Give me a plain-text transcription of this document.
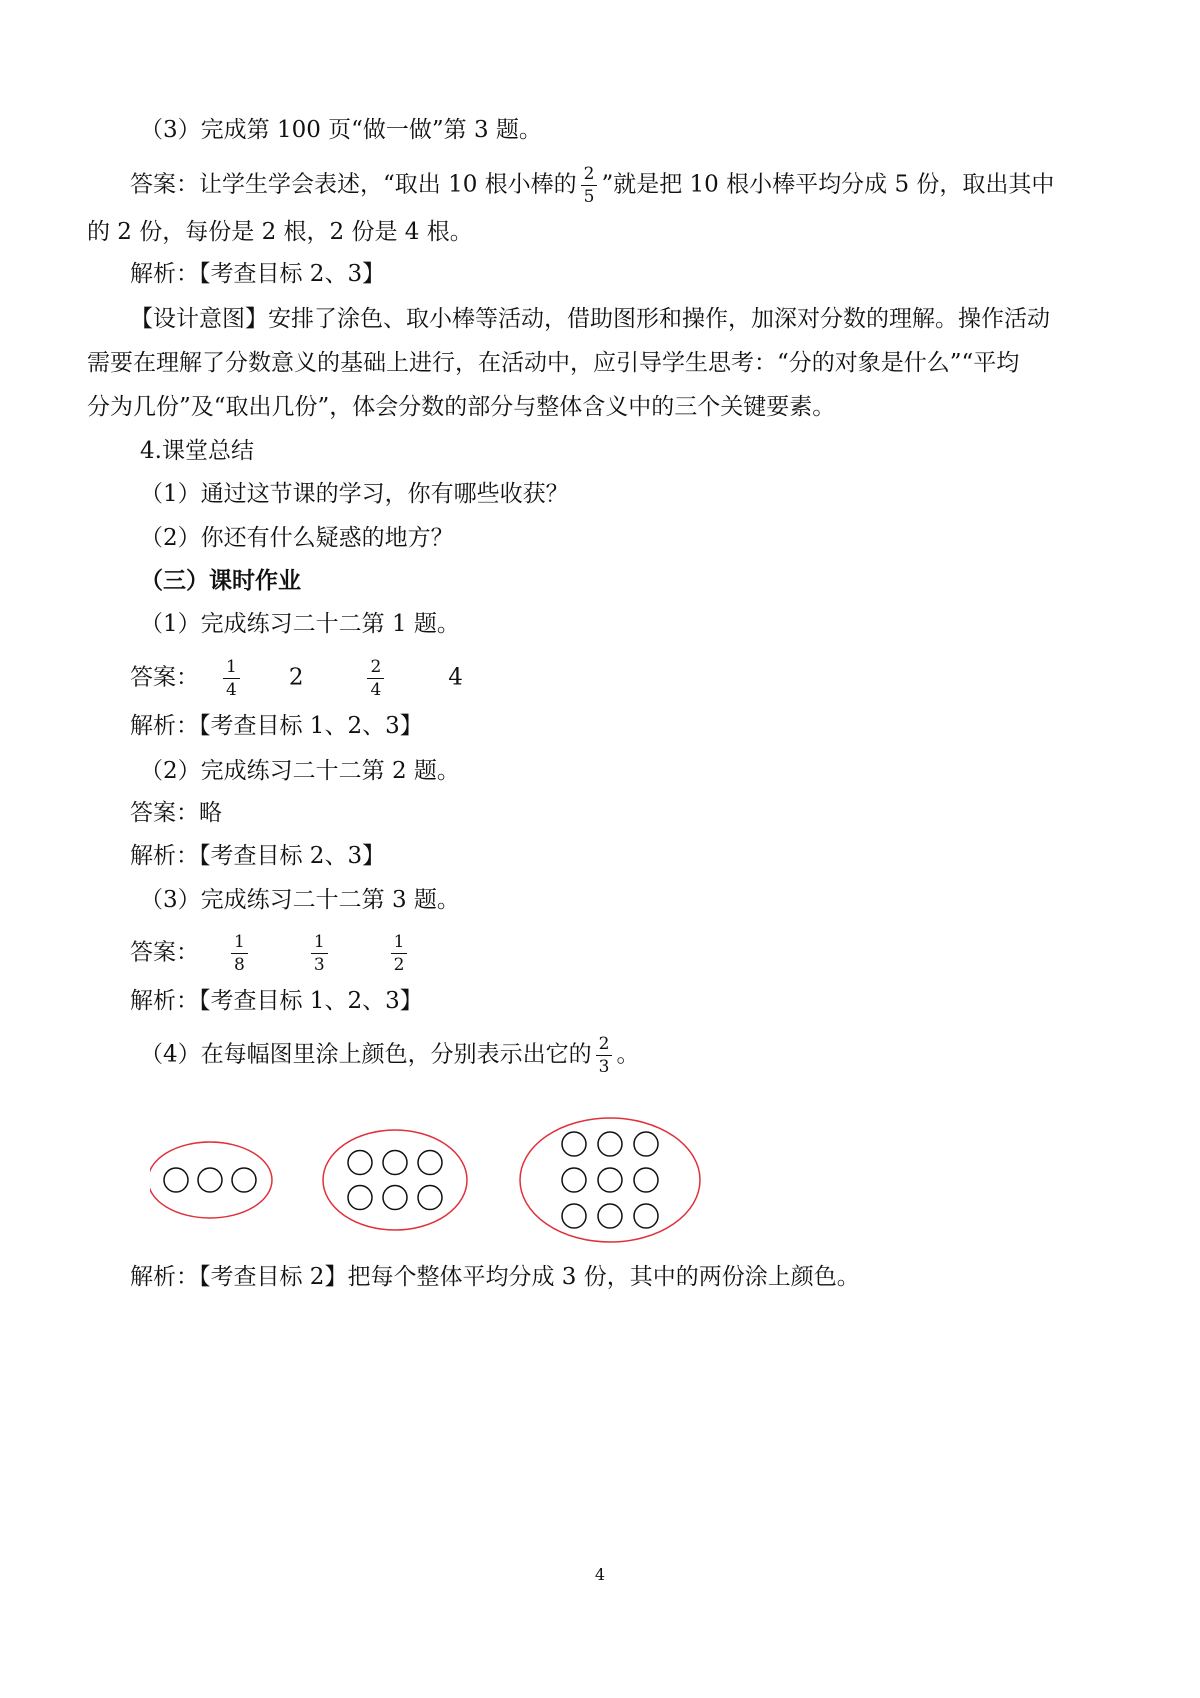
（3）完成第 100 页“做一做”第 3 题。
答案：让学生学会表述，“取出 10 根小棒的 $\frac{2}{5}$ ”就是把 10 根小棒平均分成 5 份，取出其中
的 2 份，每份是 2 根，2 份是 4 根。
解析：【考查目标 2、3】
【设计意图】安排了涂色、取小棒等活动，借助图形和操作，加深对分数的理解。操作活动
需要在理解了分数意义的基础上进行，在活动中，应引导学生思考：“分的对象是什么”“平均
分为几份”及“取出几份”，体会分数的部分与整体含义中的三个关键要素。
4.课堂总结
（1）通过这节课的学习，你有哪些收获？
（2）你还有什么疑惑的地方？
（三）课时作业
（1）完成练习二十二第 1 题。
答案： $\frac{1}{4} 2$	$\frac{2}{4}$	4
解析：【考查目标 1、2、3】
（2）完成练习二十二第 2 题。
答案：略
解析：【考查目标 2、3】
（3）完成练习二十二第 3 题。
答案： $\frac{1}{8}$	$\frac{1}{3}$	$\frac{1}{2}$
解析：【考查目标 1、2、3】
（4）在每幅图里涂上颜色，分别表示出它的 $\frac{2}{3}$ 。
解析：【考查目标 2】把每个整体平均分成 3 份，其中的两份涂上颜色。
4
